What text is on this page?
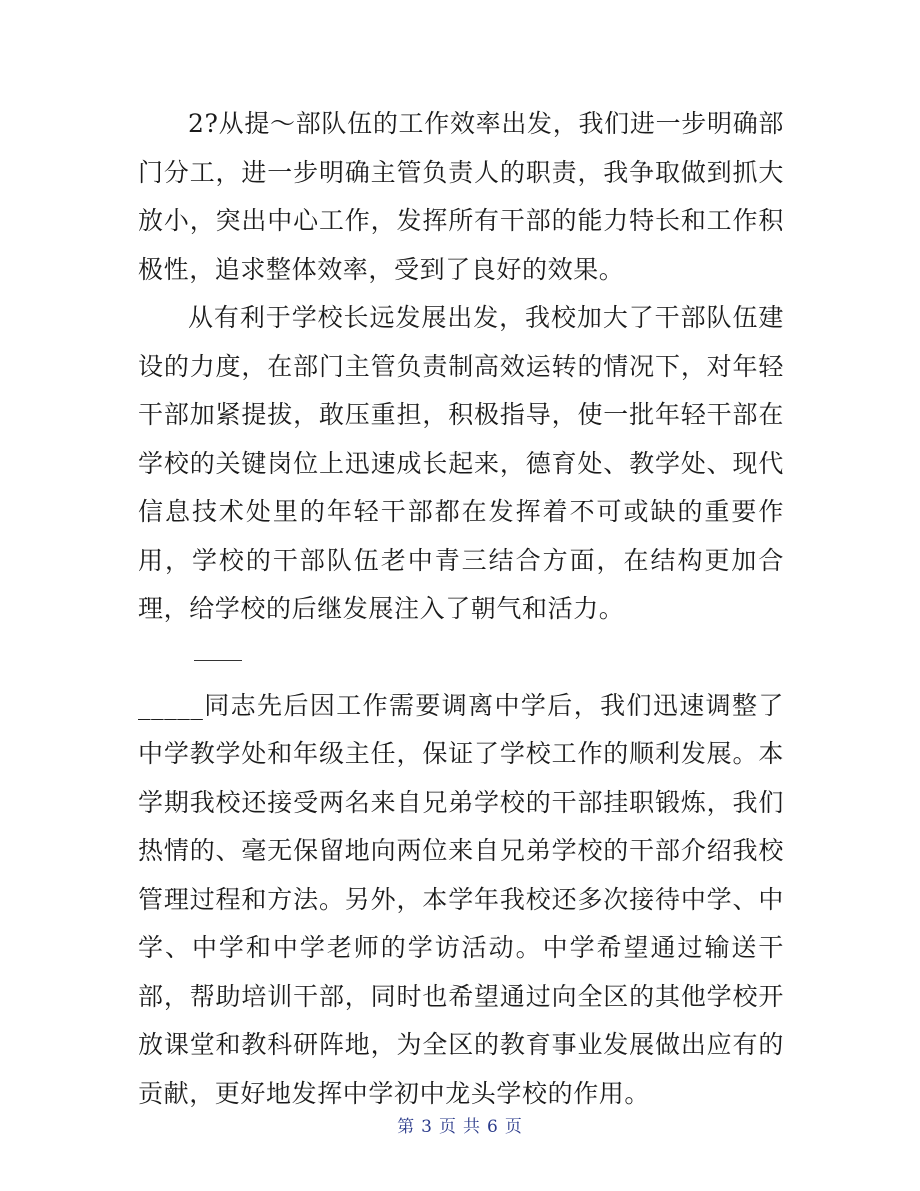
2?从提～部队伍的工作效率出发，我们进一步明确部门分工，进一步明确主管负责人的职责，我争取做到抓大放小，突出中心工作，发挥所有干部的能力特长和工作积极性，追求整体效率，受到了良好的效果。

从有利于学校长远发展出发，我校加大了干部队伍建设的力度，在部门主管负责制高效运转的情况下，对年轻干部加紧提拔，敢压重担，积极指导，使一批年轻干部在学校的关键岗位上迅速成长起来，德育处、教学处、现代信息技术处里的年轻干部都在发挥着不可或缺的重要作用，学校的干部队伍老中青三结合方面，在结构更加合理，给学校的后继发展注入了朝气和活力。

_____同志先后因工作需要调离中学后，我们迅速调整了中学教学处和年级主任，保证了学校工作的顺利发展。本学期我校还接受两名来自兄弟学校的干部挂职锻炼，我们热情的、毫无保留地向两位来自兄弟学校的干部介绍我校管理过程和方法。另外，本学年我校还多次接待中学、中学、中学和中学老师的学访活动。中学希望通过输送干部，帮助培训干部，同时也希望通过向全区的其他学校开放课堂和教科研阵地，为全区的教育事业发展做出应有的贡献，更好地发挥中学初中龙头学校的作用。

第 3 页 共 6 页
